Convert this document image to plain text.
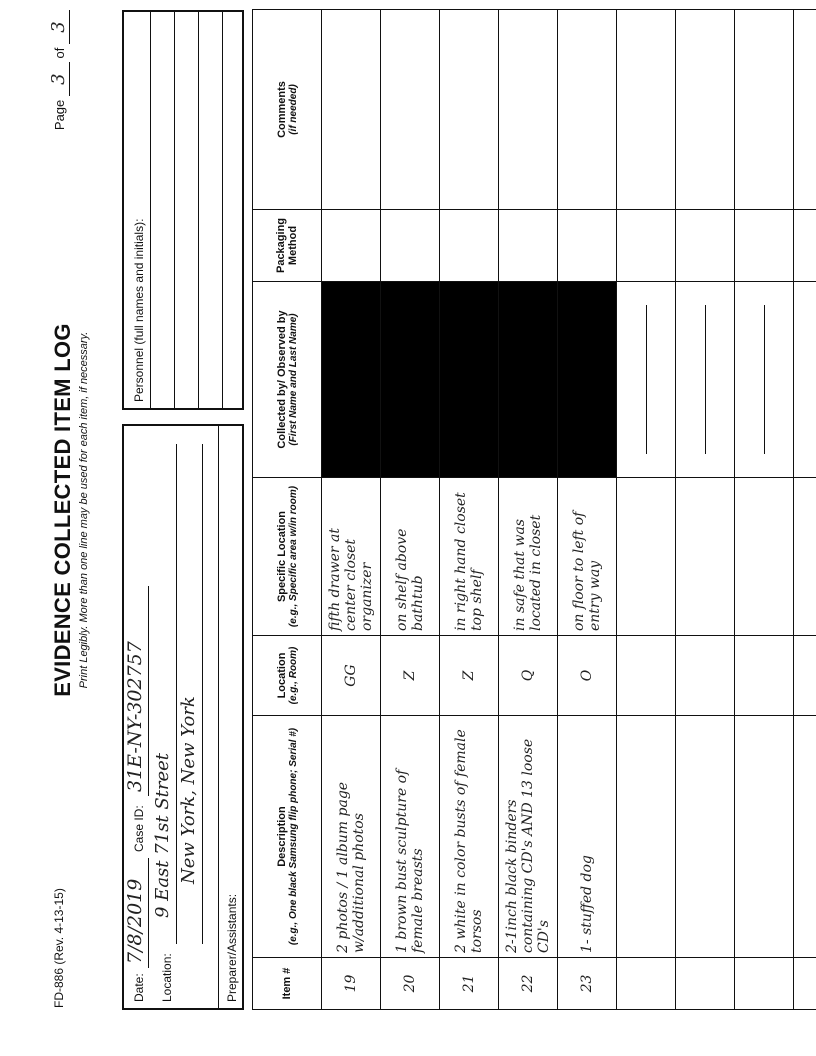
FD-886 (Rev. 4-13-15)
EVIDENCE COLLECTED ITEM LOG Print Legibly. More than one line may be used for each item, if necessary.
Page 3 of 3
Date:
7/8/2019
Case ID:
31E-NY-302757
Location:
9 East 71st Street New York, New York
Preparer/Assistants:
Personnel (full names and initials):
Item #	Description (e.g., One black Samsung flip phone; Serial #)	Location (e.g., Room)	Specific Location (e.g., Specific area w/in room)	Collected by/ Observed by (First Name and Last Name)	Packaging Method	Comments (if needed)

19	2 photos / 1 album page w/additional photos	GG	fifth drawer at center closet organizer			
20	1 brown bust sculpture of female breasts	Z	on shelf above bathtub			
21	2 white in color busts of female torsos	Z	in right hand closet top shelf			
22	2-1inch black binders containing CD's AND 13 loose CD's	Q	in safe that was located in closet			
23	1- stuffed dog	O	on floor to left of entry way			
